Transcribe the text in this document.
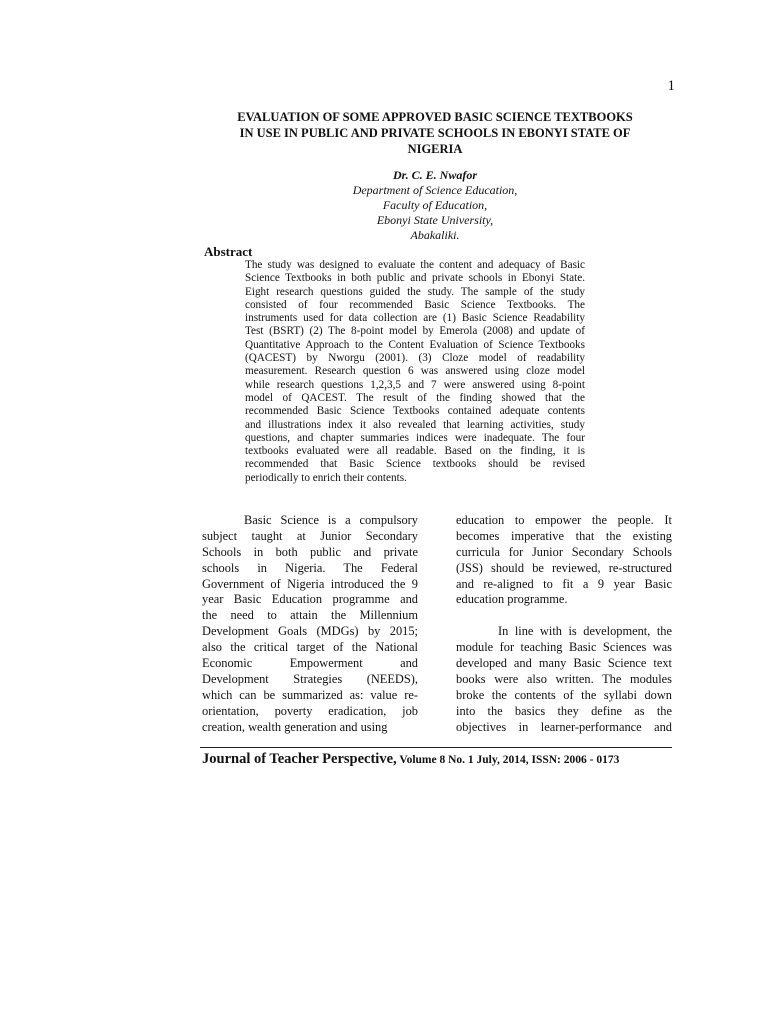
1
EVALUATION OF SOME APPROVED BASIC SCIENCE TEXTBOOKS
IN USE IN PUBLIC AND PRIVATE SCHOOLS IN EBONYI STATE OF
NIGERIA
Dr. C. E. Nwafor
Department of Science Education,
Faculty of Education,
Ebonyi State University,
Abakaliki.
Abstract
The study was designed to evaluate the content and adequacy of Basic
Science Textbooks in both public and private schools in Ebonyi State.
Eight research questions guided the study. The sample of the study
consisted of four recommended Basic Science Textbooks. The
instruments used for data collection are (1) Basic Science Readability
Test (BSRT) (2) The 8-point model by Emerola (2008) and update of
Quantitative Approach to the Content Evaluation of Science Textbooks
(QACEST) by Nworgu (2001). (3) Cloze model of readability
measurement. Research question 6 was answered using cloze model
while research questions 1,2,3,5 and 7 were answered using 8-point
model of QACEST. The result of the finding showed that the
recommended Basic Science Textbooks contained adequate contents
and illustrations index it also revealed that learning activities, study
questions, and chapter summaries indices were inadequate. The four
textbooks evaluated were all readable. Based on the finding, it is
recommended that Basic Science textbooks should be revised
periodically to enrich their contents.
Basic Science is a compulsory
subject taught at Junior Secondary
Schools in both public and private
schools in Nigeria. The Federal
Government of Nigeria introduced the 9
year Basic Education programme and
the need to attain the Millennium
Development Goals (MDGs) by 2015;
also the critical target of the National
Economic Empowerment and
Development Strategies (NEEDS),
which can be summarized as: value re-
orientation, poverty eradication, job
creation, wealth generation and using
education to empower the people. It
becomes imperative that the existing
curricula for Junior Secondary Schools
(JSS) should be reviewed, re-structured
and re-aligned to fit a 9 year Basic
education programme.
In line with is development, the
module for teaching Basic Sciences was
developed and many Basic Science text
books were also written. The modules
broke the contents of the syllabi down
into the basics they define as the
objectives in learner-performance and
Journal of Teacher Perspective, Volume 8 No. 1 July, 2014, ISSN: 2006 - 0173
